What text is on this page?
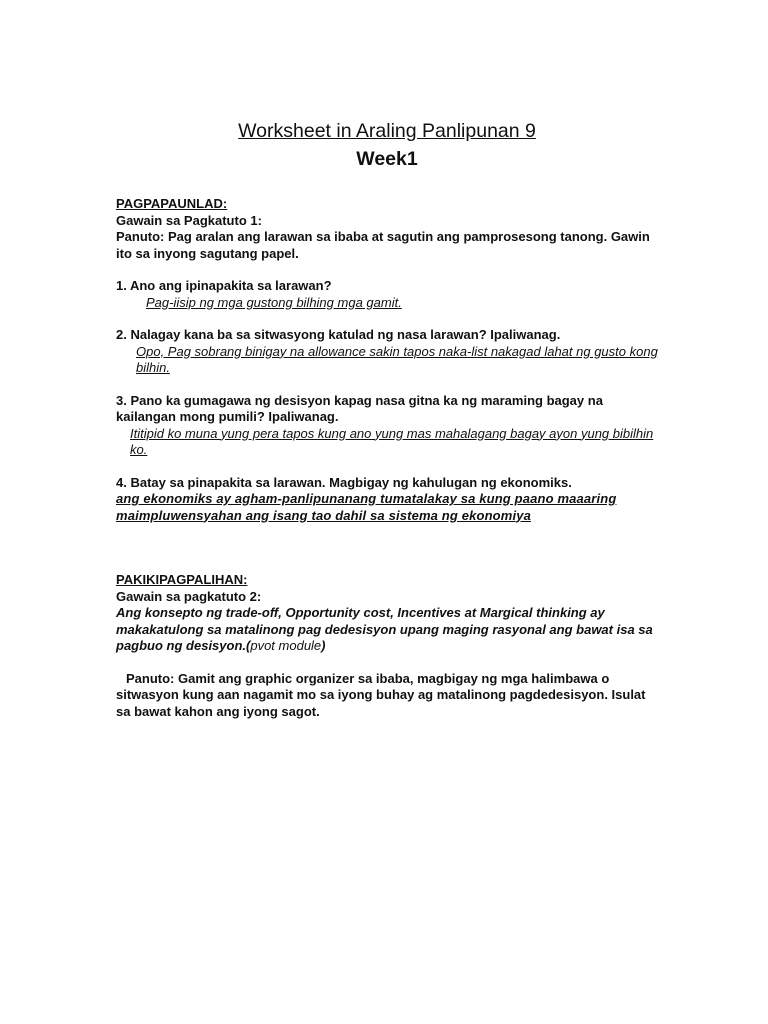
Worksheet in Araling Panlipunan 9
Week1
PAGPAPAUNLAD:
Gawain sa Pagkatuto 1:
Panuto: Pag aralan ang larawan sa ibaba at sagutin ang pamprosesong tanong. Gawin ito sa inyong sagutang papel.
1. Ano ang ipinapakita sa larawan?
Pag-iisip ng mga gustong bilhing mga gamit.
2. Nalagay kana ba sa sitwasyong katulad ng nasa larawan? Ipaliwanag.
Opo, Pag sobrang binigay na allowance sakin tapos naka-list nakagad lahat ng gusto kong bilhin.
3. Pano ka gumagawa ng desisyon kapag nasa gitna ka ng maraming bagay na kailangan mong pumili? Ipaliwanag.
Ititipid ko muna yung pera tapos kung ano yung mas mahalagang bagay ayon yung bibilhin ko.
4. Batay sa pinapakita sa larawan. Magbigay ng kahulugan ng ekonomiks.
ang ekonomiks ay agham-panlipunanang tumatalakay sa kung paano maaaring maimpluwensyahan ang isang tao dahil sa sistema ng ekonomiya
PAKIKIPAGPALIHAN:
Gawain sa pagkatuto 2:
Ang konsepto ng trade-off, Opportunity cost, Incentives at Margical thinking ay makakatulong sa matalinong pag dedesisyon upang maging rasyonal ang bawat isa sa pagbuo ng desisyon.(pvot module)
Panuto: Gamit ang graphic organizer sa ibaba, magbigay ng mga halimbawa o sitwasyon kung aan nagamit mo sa iyong buhay ag matalinong pagdedesisyon. Isulat sa bawat kahon ang iyong sagot.
